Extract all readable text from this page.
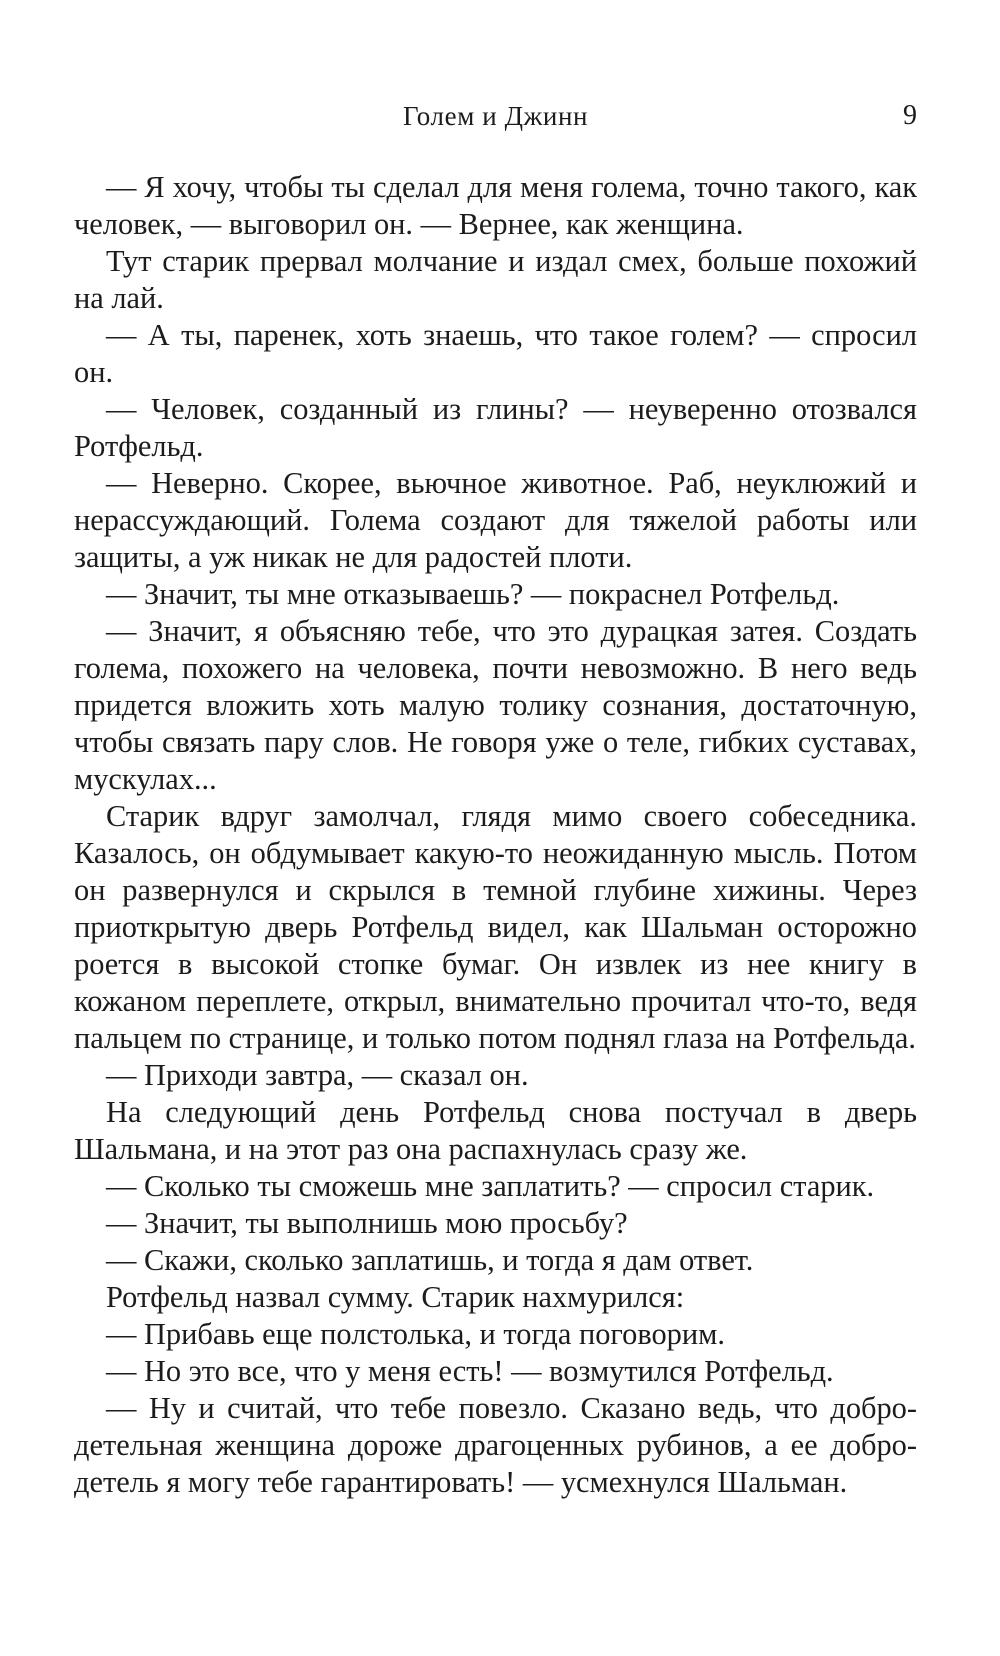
Голем и Джинн	9

— Я хочу, чтобы ты сделал для меня голема, точно такого, как человек, — выговорил он. — Вернее, как женщина.

Тут старик прервал молчание и издал смех, больше похожий на лай.

— А ты, паренек, хоть знаешь, что такое голем? — спросил он.

— Человек, созданный из глины? — неуверенно отозвался Ротфельд.

— Неверно. Скорее, вьючное животное. Раб, неуклюжий и нерассуждающий. Голема создают для тяжелой работы или защиты, а уж никак не для радостей плоти.

— Значит, ты мне отказываешь? — покраснел Ротфельд.

— Значит, я объясняю тебе, что это дурацкая затея. Создать голема, похожего на человека, почти невозможно. В него ведь придется вложить хоть малую толику сознания, достаточную, чтобы связать пару слов. Не говоря уже о теле, гибких суставах, мускулах...

Старик вдруг замолчал, глядя мимо своего собеседника. Казалось, он обдумывает какую-то неожиданную мысль. Потом он развернулся и скрылся в темной глубине хижины. Через приоткрытую дверь Ротфельд видел, как Шальман осторожно роется в высокой стопке бумаг. Он извлек из нее книгу в кожаном переплете, открыл, внимательно прочитал что-то, ведя пальцем по странице, и только потом поднял глаза на Ротфельда.

— Приходи завтра, — сказал он.

На следующий день Ротфельд снова постучал в дверь Шальмана, и на этот раз она распахнулась сразу же.

— Сколько ты сможешь мне заплатить? — спросил старик.

— Значит, ты выполнишь мою просьбу?

— Скажи, сколько заплатишь, и тогда я дам ответ.

Ротфельд назвал сумму. Старик нахмурился:

— Прибавь еще полстолька, и тогда поговорим.

— Но это все, что у меня есть! — возмутился Ротфельд.

— Ну и считай, что тебе повезло. Сказано ведь, что добродетельная женщина дороже драгоценных рубинов, а ее добродетель я могу тебе гарантировать! — усмехнулся Шальман.
